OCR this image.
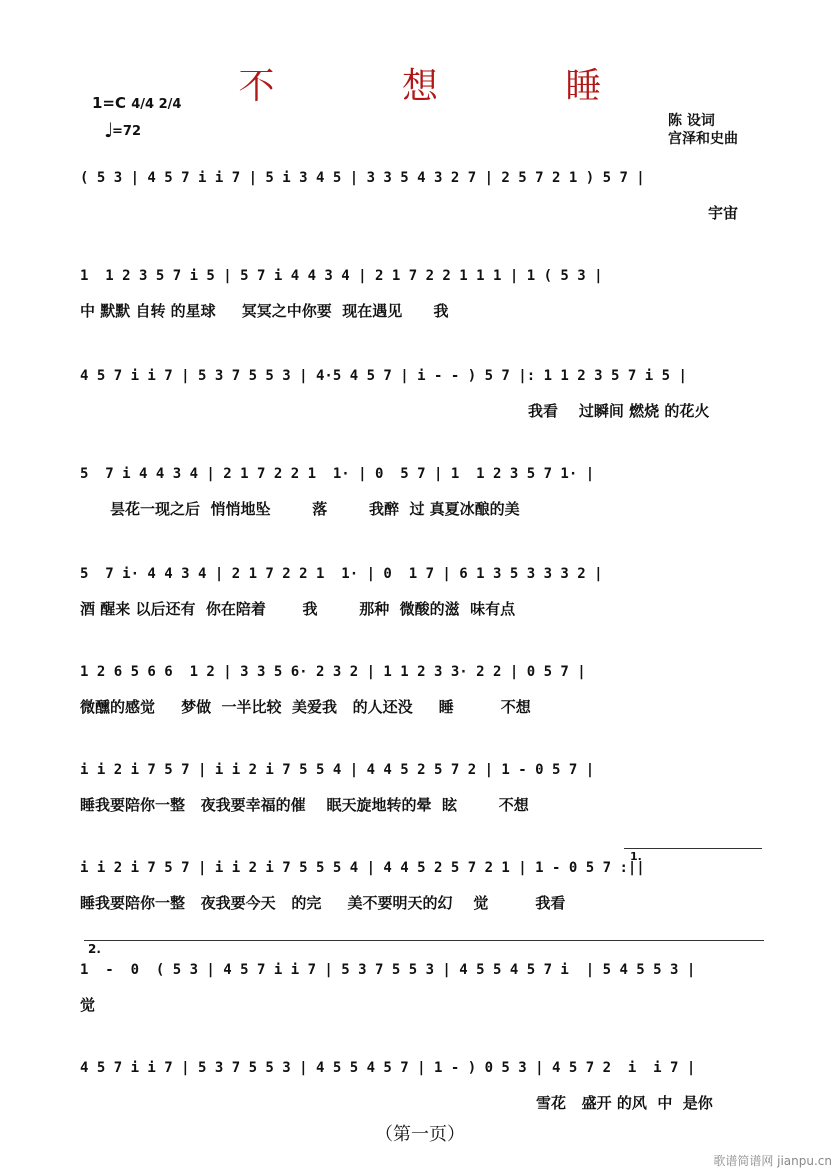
不 想 睡
1=C 4/4 2/4
♩
=72
陈 设词
宫泽和史曲
( 5 3 | 4 5 7 i i 7 | 5 i 3 4 5 | 3 3 5 4 3 2 7 | 2 5 7 2 1 ) 5 7 |
宇宙
1  1 2 3 5 7 i 5 | 5 7 i 4 4 3 4 | 2 1 7 2 2 1 1 1 | 1 ( 5 3 |
中 默默 自转 的星球     冥冥之中你要  现在遇见      我
4 5 7 i i 7 | 5 3 7 5 5 3 | 4·5 4 5 7 | i - - ) 5 7 |: 1 1 2 3 5 7 i 5 |
我看    过瞬间 燃烧 的花火
5  7 i 4 4 3 4 | 2 1 7 2 2 1  1· | 0  5 7 | 1  1 2 3 5 7 1· |
昙花一现之后  悄悄地坠        落        我醉  过 真夏冰酿的美
5  7 i· 4 4 3 4 | 2 1 7 2 2 1  1· | 0  1 7 | 6 1 3 5 3 3 3 2 |
酒 醒来 以后还有  你在陪着       我        那种  微酸的滋  味有点
1 2 6 5 6 6  1 2 | 3 3 5 6· 2 3 2 | 1 1 2 3 3· 2 2 | 0 5 7 |
微醺的感觉     梦做  一半比较  美爱我   的人还没     睡         不想
i i 2 i 7 5 7 | i i 2 i 7 5 5 4 | 4 4 5 2 5 7 2 | 1 - 0 5 7 |
睡我要陪你一整   夜我要幸福的催    眠天旋地转的晕  眩        不想
1.
i i 2 i 7 5 7 | i i 2 i 7 5 5 5 4 | 4 4 5 2 5 7 2 1 | 1 - 0 5 7 :||
睡我要陪你一整   夜我要今天   的完     美不要明天的幻    觉         我看
2.
1  -  0  ( 5 3 | 4 5 7 i i 7 | 5 3 7 5 5 3 | 4 5 5 4 5 7 i  | 5 4 5 5 3 |
觉
4 5 7 i i 7 | 5 3 7 5 5 3 | 4 5 5 4 5 7 | 1 - ) 0 5 3 | 4 5 7 2  i  i 7 |
雪花   盛开 的风  中  是你
（第一页）
歌谱简谱网 jianpu.cn
